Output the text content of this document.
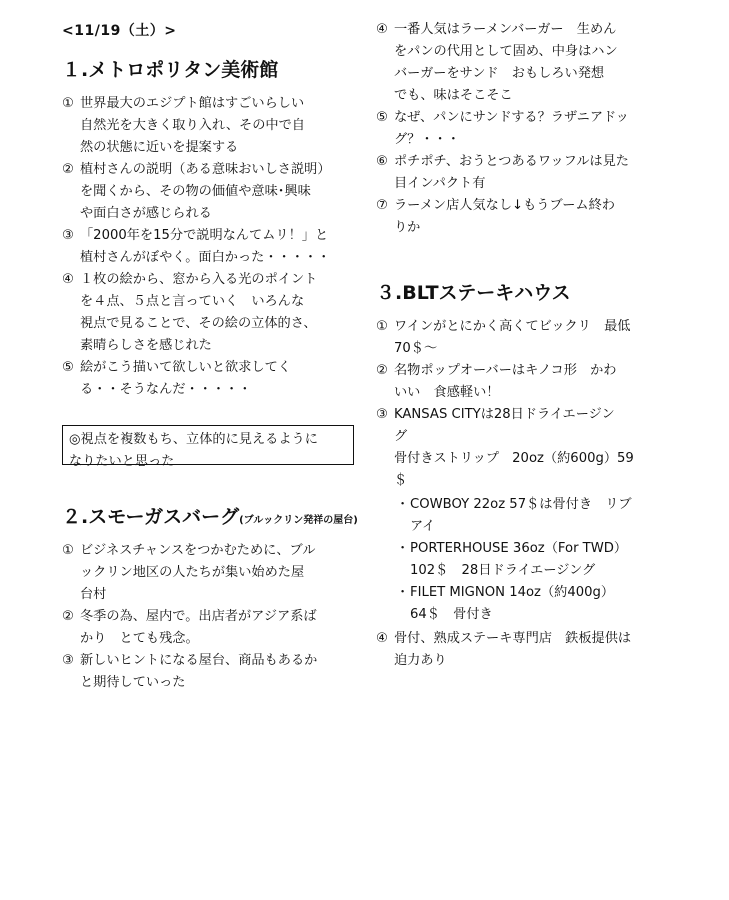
<11/19（土）>
１.メトロポリタン美術館
① 世界最大のエジプト館はすごいらしい
自然光を大きく取り入れ、その中で自
然の状態に近いを提案する
② 植村さんの説明（ある意味おいしさ説明）
を聞くから、その物の価値や意味･興味
や面白さが感じられる
③ 「2000年を15分で説明なんてムリ！」と
植村さんがぼやく。面白かった・・・・・
④ １枚の絵から、窓から入る光のポイント
を４点、５点と言っていく　いろんな
視点で見ることで、その絵の立体的さ、
素晴らしさを感じれた
⑤ 絵がこう描いて欲しいと欲求してく
る・・そうなんだ・・・・・
◎視点を複数もち、立体的に見えるように
なりたいと思った
２.スモーガスバーグ(ブルックリン発祥の屋台)
① ビジネスチャンスをつかむために、ブル
ックリン地区の人たちが集い始めた屋
台村
② 冬季の為、屋内で。出店者がアジア系ば
かり　とても残念。
③ 新しいヒントになる屋台、商品もあるか
と期待していった
④ 一番人気はラーメンバーガー　生めん
をパンの代用として固め、中身はハン
バーガーをサンド　おもしろい発想
でも、味はそこそこ
⑤ なぜ、パンにサンドする？ラザニアドッ
グ？・・・
⑥ ポチポチ、おうとつあるワッフルは見た
目インパクト有
⑦ ラーメン店人気なし↓もうブーム終わ
りか
３.BLTステーキハウス
① ワインがとにかく高くてビックリ　最低
70＄～
② 名物ポップオーバーはキノコ形　かわ
いい　食感軽い！
③ KANSAS CITYは28日ドライエージン
グ
骨付きストリップ　20oz（約600g）59
＄
・ COWBOY 22oz 57＄は骨付き　リブ
アイ
・ PORTERHOUSE 36oz（For TWD）
102＄　28日ドライエージング
・ FILET MIGNON 14oz（約400g）
64＄　骨付き
④ 骨付、熟成ステーキ専門店　鉄板提供は
迫力あり
